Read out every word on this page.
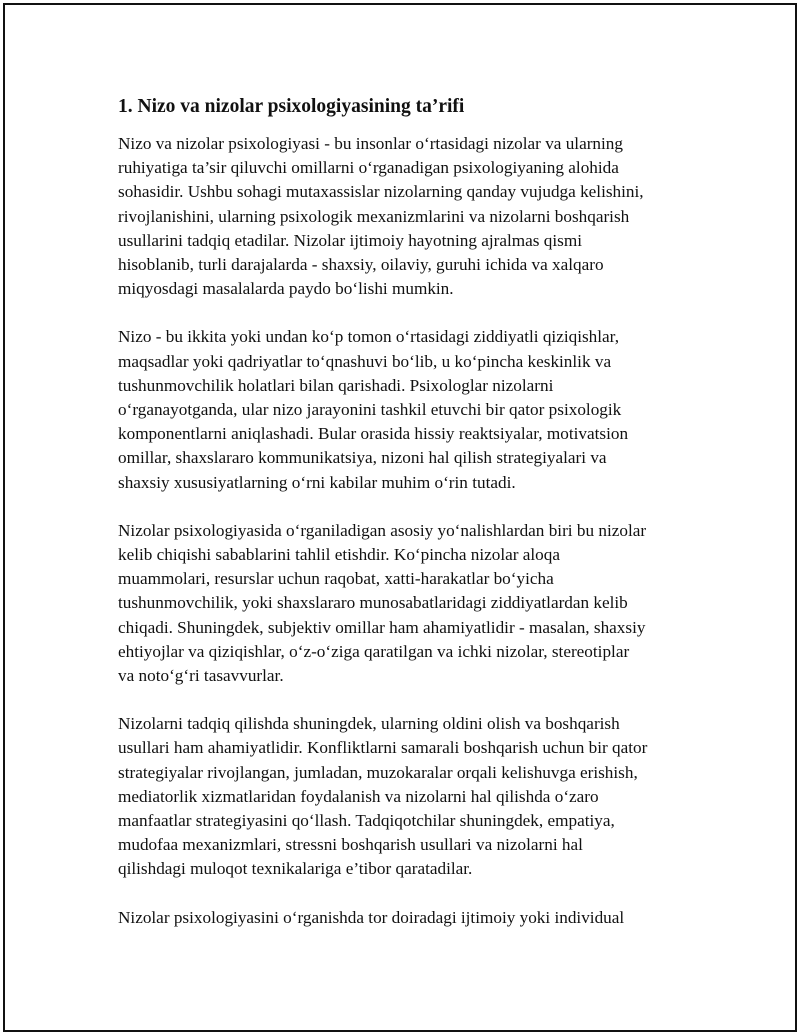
1. Nizo va nizolar psixologiyasining ta’rifi
Nizo va nizolar psixologiyasi - bu insonlar o‘rtasidagi nizolar va ularning
ruhiyatiga ta’sir qiluvchi omillarni o‘rganadigan psixologiyaning alohida
sohasidir. Ushbu sohagi mutaxassislar nizolarning qanday vujudga kelishini,
rivojlanishini, ularning psixologik mexanizmlarini va nizolarni boshqarish
usullarini tadqiq etadilar. Nizolar ijtimoiy hayotning ajralmas qismi
hisoblanib, turli darajalarda - shaxsiy, oilaviy, guruhi ichida va xalqaro
miqyosdagi masalalarda paydo bo‘lishi mumkin.
Nizo - bu ikkita yoki undan ko‘p tomon o‘rtasidagi ziddiyatli qiziqishlar,
maqsadlar yoki qadriyatlar to‘qnashuvi bo‘lib, u ko‘pincha keskinlik va
tushunmovchilik holatlari bilan qarishadi. Psixologlar nizolarni
o‘rganayotganda, ular nizo jarayonini tashkil etuvchi bir qator psixologik
komponentlarni aniqlashadi. Bular orasida hissiy reaktsiyalar, motivatsion
omillar, shaxslararo kommunikatsiya, nizoni hal qilish strategiyalari va
shaxsiy xususiyatlarning o‘rni kabilar muhim o‘rin tutadi.
Nizolar psixologiyasida o‘rganiladigan asosiy yo‘nalishlardan biri bu nizolar
kelib chiqishi sabablarini tahlil etishdir. Ko‘pincha nizolar aloqa
muammolari, resurslar uchun raqobat, xatti-harakatlar bo‘yicha
tushunmovchilik, yoki shaxslararo munosabatlaridagi ziddiyatlardan kelib
chiqadi. Shuningdek, subjektiv omillar ham ahamiyatlidir - masalan, shaxsiy
ehtiyojlar va qiziqishlar, o‘z-o‘ziga qaratilgan va ichki nizolar, stereotiplar
va noto‘g‘ri tasavvurlar.
Nizolarni tadqiq qilishda shuningdek, ularning oldini olish va boshqarish
usullari ham ahamiyatlidir. Konfliktlarni samarali boshqarish uchun bir qator
strategiyalar rivojlangan, jumladan, muzokaralar orqali kelishuvga erishish,
mediatorlik xizmatlaridan foydalanish va nizolarni hal qilishda o‘zaro
manfaatlar strategiyasini qo‘llash. Tadqiqotchilar shuningdek, empatiya,
mudofaa mexanizmlari, stressni boshqarish usullari va nizolarni hal
qilishdagi muloqot texnikalariga e’tibor qaratadilar.
Nizolar psixologiyasini o‘rganishda tor doiradagi ijtimoiy yoki individual
